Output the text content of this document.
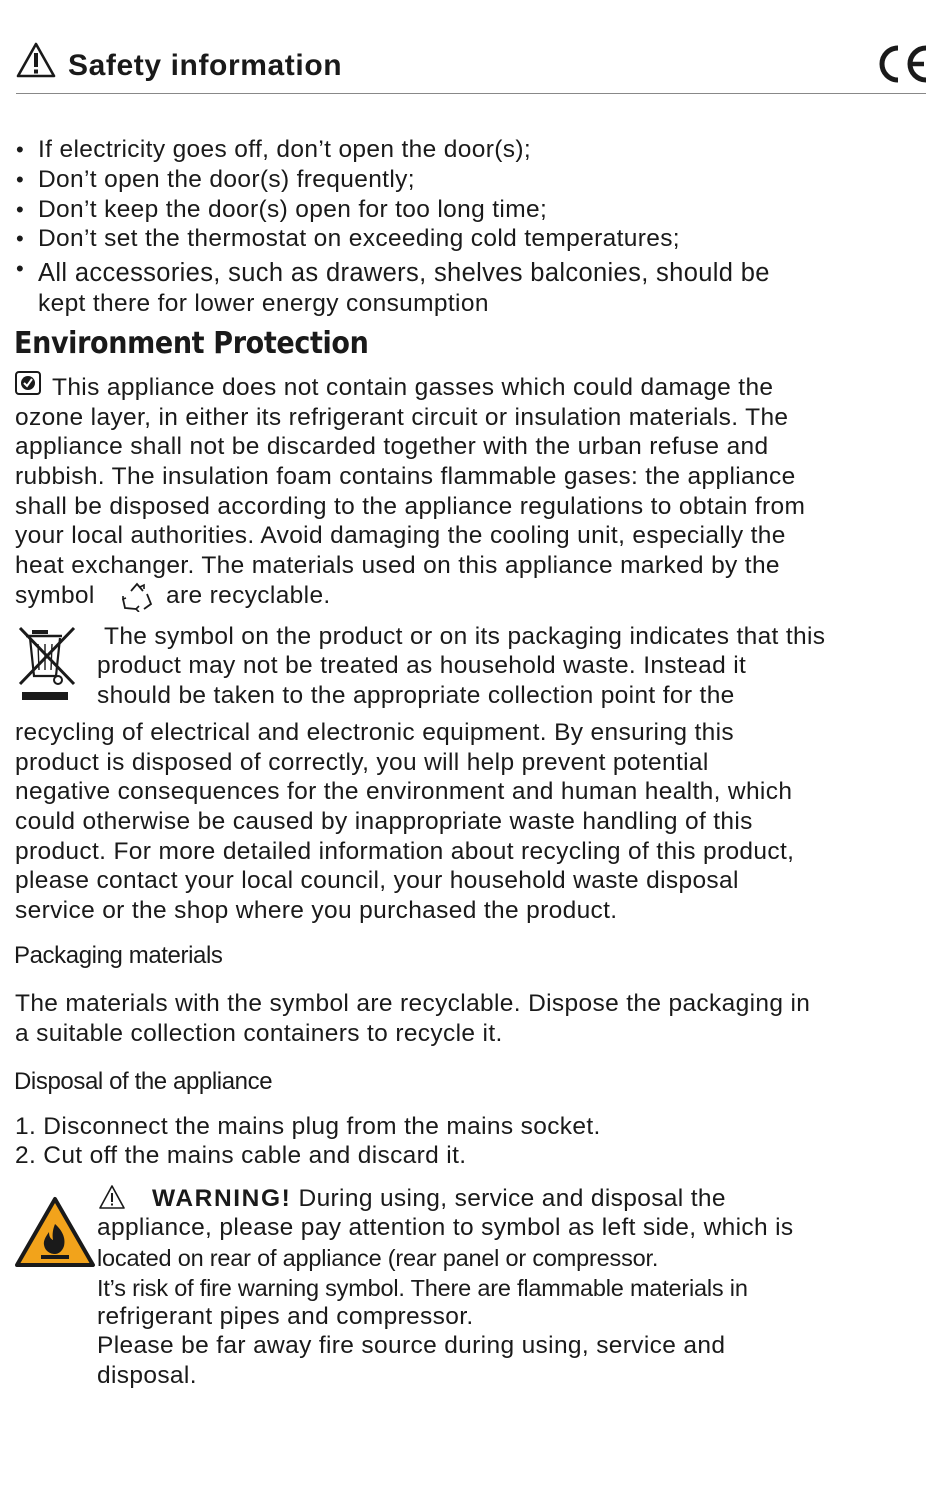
Safety information
• If electricity goes off, don’t open the door(s);
• Don’t open the door(s) frequently;
• Don’t keep the door(s) open for too long time;
• Don’t set the thermostat on exceeding cold temperatures;
• All accessories, such as drawers, shelves balconies, should be
kept there for lower energy consumption
Environment Protection
This appliance does not contain gasses which could damage the
ozone layer, in either its refrigerant circuit or insulation materials. The
appliance shall not be discarded together with the urban refuse and
rubbish. The insulation foam contains flammable gases: the appliance
shall be disposed according to the appliance regulations to obtain from
your local authorities. Avoid damaging the cooling unit, especially the
heat exchanger. The materials used on this appliance marked by the
symbol	are recyclable.
The symbol on the product or on its packaging indicates that this
product may not be treated as household waste. Instead it
should be taken to the appropriate collection point for the
recycling of electrical and electronic equipment. By ensuring this
product is disposed of correctly, you will help prevent potential
negative consequences for the environment and human health, which
could otherwise be caused by inappropriate waste handling of this
product. For more detailed information about recycling of this product,
please contact your local council, your household waste disposal
service or the shop where you purchased the product.
Packaging materials
The materials with the symbol are recyclable. Dispose the packaging in
a suitable collection containers to recycle it.
Disposal of the appliance
1. Disconnect the mains plug from the mains socket.
2. Cut off the mains cable and discard it.
WARNING! During using, service and disposal the
appliance, please pay attention to symbol as left side, which is
located on rear of appliance (rear panel or compressor.
It’s risk of fire warning symbol. There are flammable materials in
refrigerant pipes and compressor.
Please be far away fire source during using, service and
disposal.
